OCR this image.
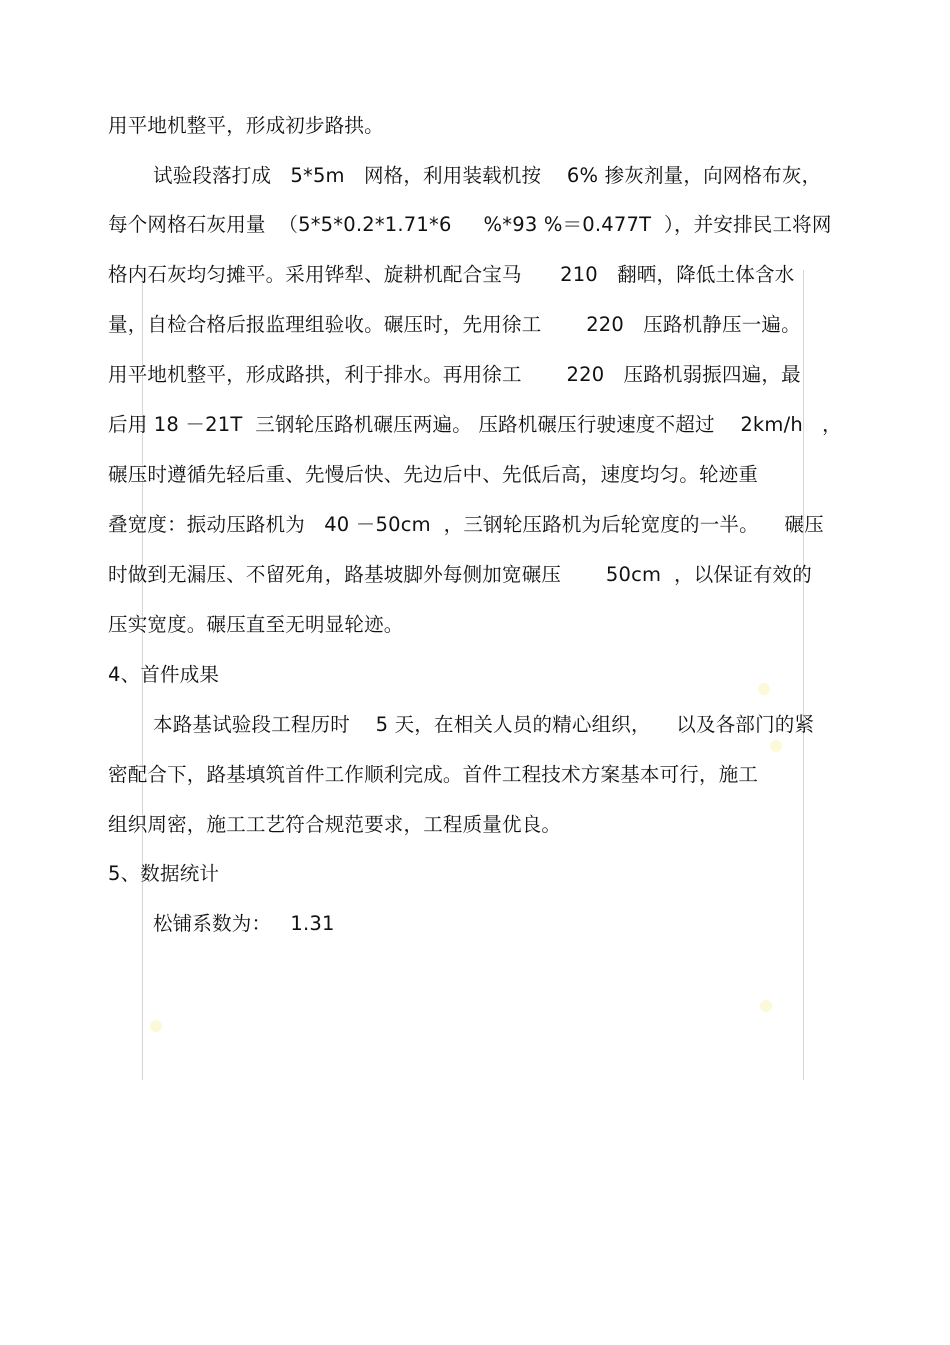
用平地机整平，形成初步路拱。
试验段落打成   5*5m   网格，利用装载机按    6% 掺灰剂量，向网格布灰，
每个网格石灰用量  （5*5*0.2*1.71*6     %*93 %＝0.477T  ），并安排民工将网
格内石灰均匀摊平。采用铧犁、旋耕机配合宝马      210   翻晒，降低土体含水
量，自检合格后报监理组验收。碾压时，先用徐工       220   压路机静压一遍。
用平地机整平，形成路拱，利于排水。再用徐工       220   压路机弱振四遍，最
后用 18 －21T  三钢轮压路机碾压两遍。 压路机碾压行驶速度不超过    2km/h   ，
碾压时遵循先轻后重、先慢后快、先边后中、先低后高，速度均匀。轮迹重
叠宽度：振动压路机为   40 －50cm  ，三钢轮压路机为后轮宽度的一半。    碾压
时做到无漏压、不留死角，路基坡脚外每侧加宽碾压       50cm  ，以保证有效的
压实宽度。碾压直至无明显轮迹。
4、首件成果
本路基试验段工程历时    5 天，在相关人员的精心组织，    以及各部门的紧
密配合下，路基填筑首件工作顺利完成。首件工程技术方案基本可行，施工
组织周密，施工工艺符合规范要求，工程质量优良。
5、数据统计
松铺系数为：   1.31
